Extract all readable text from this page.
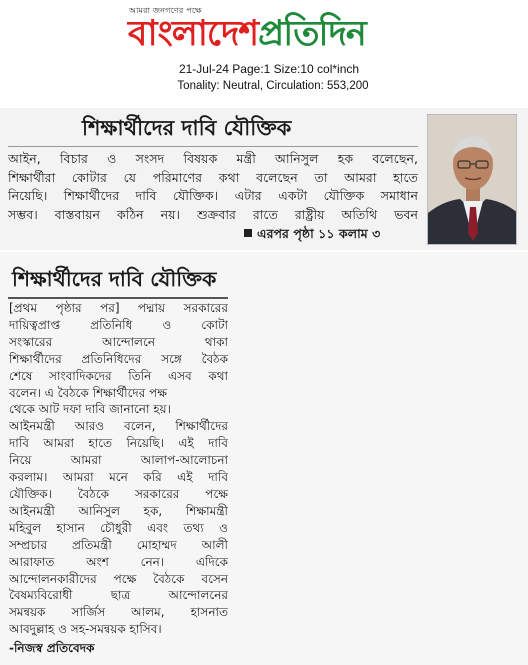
আমরা জনগণের পক্ষে
বাংলাদেশপ্রতিদিন
21-Jul-24 Page:1 Size:10 col*inch
Tonality: Neutral, Circulation: 553,200
শিক্ষার্থীদের দাবি যৌক্তিক
আইন, বিচার ও সংসদ বিষয়ক মন্ত্রী আনিসুল হক বলেছেন,
শিক্ষার্থীরা কোটার যে পরিমাণের কথা বলেছেন তা আমরা হাতে
নিয়েছি। শিক্ষার্থীদের দাবি যৌক্তিক। এটার একটা যৌক্তিক সমাধান
সম্ভব। বাস্তবায়ন কঠিন নয়। শুক্রবার রাতে রাষ্ট্রীয় অতিথি ভবন
এরপর পৃষ্ঠা ১১ কলাম ৩
শিক্ষার্থীদের দাবি যৌক্তিক
[প্রথম পৃষ্ঠার পর] পদ্মায় সরকারের
দায়িত্বপ্রাপ্ত প্রতিনিধি ও কোটা
সংস্কারের আন্দোলনে থাকা
শিক্ষার্থীদের প্রতিনিধিদের সঙ্গে বৈঠক
শেষে সাংবাদিকদের তিনি এসব কথা
বলেন। এ বৈঠকে শিক্ষার্থীদের পক্ষ
থেকে আট দফা দাবি জানানো হয়।
আইনমন্ত্রী আরও বলেন, শিক্ষার্থীদের
দাবি আমরা হাতে নিয়েছি। এই দাবি
নিয়ে আমরা আলাপ-আলোচনা
করলাম। আমরা মনে করি এই দাবি
যৌক্তিক। বৈঠকে সরকারের পক্ষে
আইনমন্ত্রী আনিসুল হক, শিক্ষামন্ত্রী
মহিবুল হাসান চৌধুরী এবং তথ্য ও
সম্প্রচার প্রতিমন্ত্রী মোহাম্মদ আলী
আরাফাত অংশ নেন। এদিকে
আন্দোলনকারীদের পক্ষে বৈঠকে বসেন
বৈষম্যবিরোধী ছাত্র আন্দোলনের
সমন্বয়ক সার্জিস আলম, হাসনাত
আবদুল্লাহ ও সহ-সমন্বয়ক হাসিব।
-নিজস্ব প্রতিবেদক
